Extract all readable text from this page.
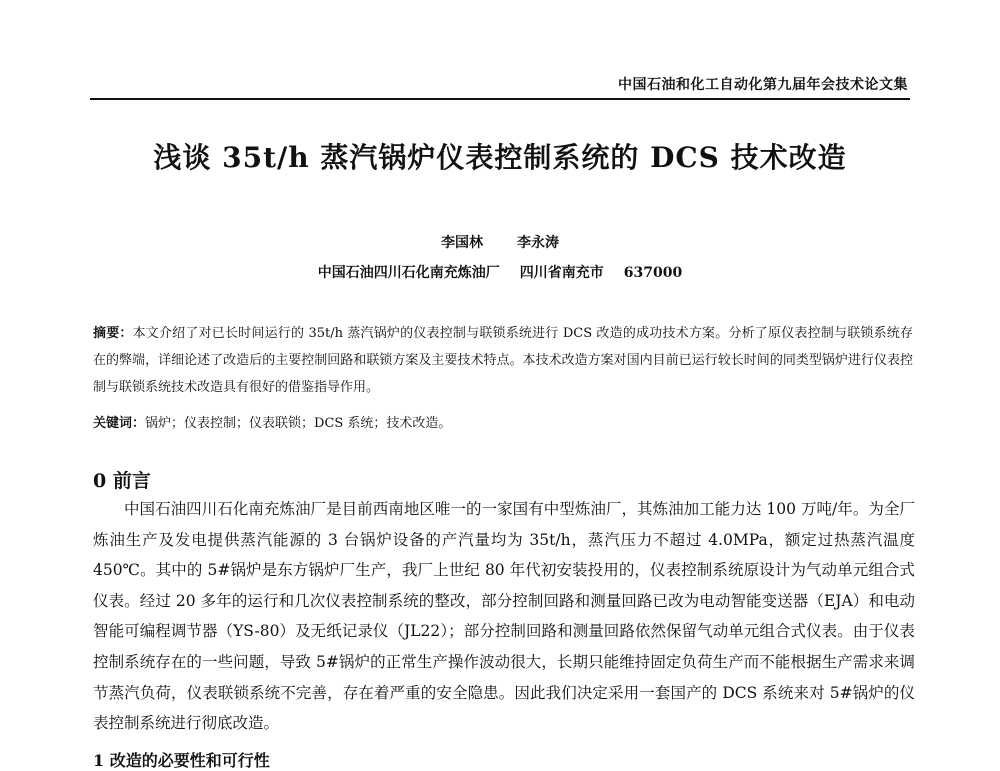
中国石油和化工自动化第九届年会技术论文集
浅谈 35t/h 蒸汽锅炉仪表控制系统的 DCS 技术改造
李国林 李永涛
中国石油四川石化南充炼油厂 四川省南充市 637000
摘要：本文介绍了对已长时间运行的 35t/h 蒸汽锅炉的仪表控制与联锁系统进行 DCS 改造的成功技术方案。分析了原仪表控制与联锁系统存在的弊端，详细论述了改造后的主要控制回路和联锁方案及主要技术特点。本技术改造方案对国内目前已运行较长时间的同类型锅炉进行仪表控制与联锁系统技术改造具有很好的借鉴指导作用。
关键词：锅炉；仪表控制；仪表联锁；DCS 系统；技术改造。
0 前言
中国石油四川石化南充炼油厂是目前西南地区唯一的一家国有中型炼油厂，其炼油加工能力达 100 万吨/年。为全厂炼油生产及发电提供蒸汽能源的 3 台锅炉设备的产汽量均为 35t/h，蒸汽压力不超过 4.0MPa，额定过热蒸汽温度 450℃。其中的 5#锅炉是东方锅炉厂生产，我厂上世纪 80 年代初安装投用的，仪表控制系统原设计为气动单元组合式仪表。经过 20 多年的运行和几次仪表控制系统的整改，部分控制回路和测量回路已改为电动智能变送器（EJA）和电动智能可编程调节器（YS-80）及无纸记录仪（JL22）；部分控制回路和测量回路依然保留气动单元组合式仪表。由于仪表控制系统存在的一些问题，导致 5#锅炉的正常生产操作波动很大，长期只能维持固定负荷生产而不能根据生产需求来调节蒸汽负荷，仪表联锁系统不完善，存在着严重的安全隐患。因此我们决定采用一套国产的 DCS 系统来对 5#锅炉的仪表控制系统进行彻底改造。
1 改造的必要性和可行性
